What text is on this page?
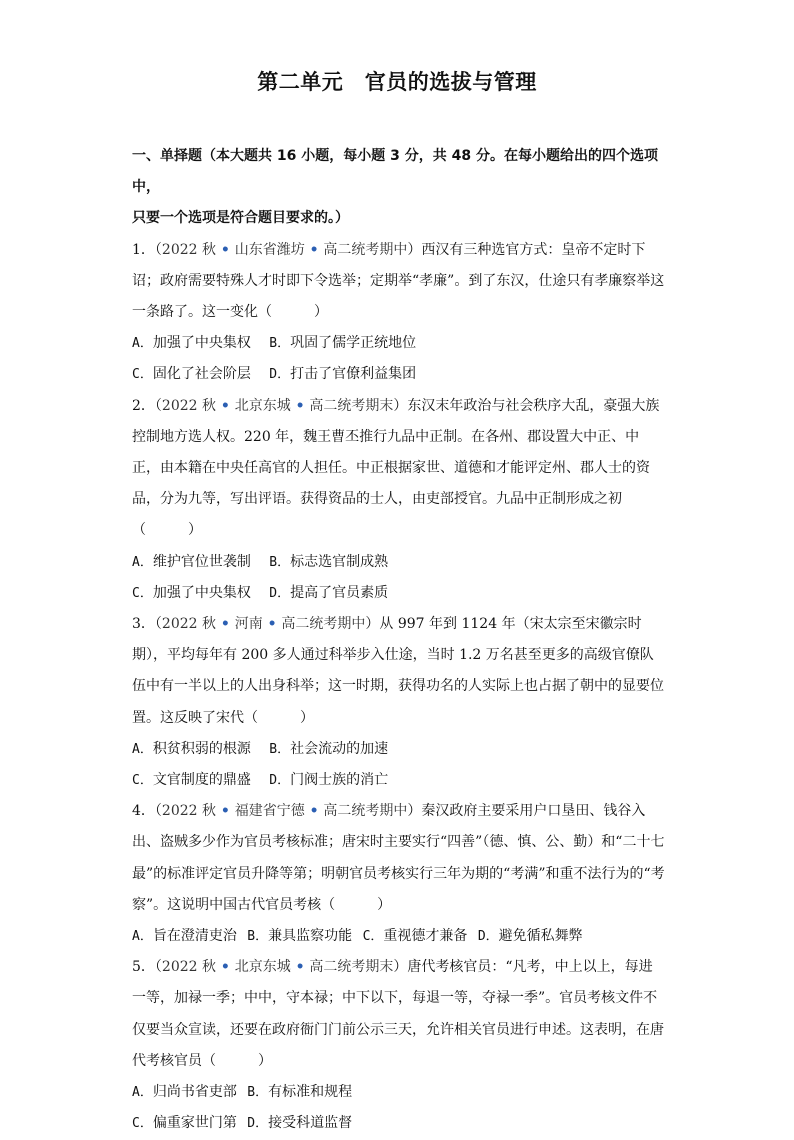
第二单元　官员的选拔与管理
一、单择题（本大题共 16 小题，每小题 3 分，共 48 分。在每小题给出的四个选项中，
只要一个选项是符合题目要求的。）

1．（2022 秋 • 山东省潍坊 • 高二统考期中）西汉有三种选官方式：皇帝不定时下诏；政府需要特殊人才时即下令选举；定期举“孝廉”。到了东汉，仕途只有孝廉察举这一条路了。这一变化（　　　）

A．加强了中央集权 B．巩固了儒学正统地位
C．固化了社会阶层 D．打击了官僚利益集团

2．（2022 秋 • 北京东城 • 高二统考期末）东汉末年政治与社会秩序大乱，豪强大族控制地方选人权。220 年，魏王曹丕推行九品中正制。在各州、郡设置大中正、中正，由本籍在中央任高官的人担任。中正根据家世、道德和才能评定州、郡人士的资品，分为九等，写出评语。获得资品的士人，由吏部授官。九品中正制形成之初（　　　）

A．维护官位世袭制 B．标志选官制成熟
C．加强了中央集权 D．提高了官员素质

3．（2022 秋 • 河南 • 高二统考期中）从 997 年到 1124 年（宋太宗至宋徽宗时期），平均每年有 200 多人通过科举步入仕途，当时 1.2 万名甚至更多的高级官僚队伍中有一半以上的人出身科举；这一时期，获得功名的人实际上也占据了朝中的显要位置。这反映了宋代（　　　）

A．积贫积弱的根源 B．社会流动的加速
C．文官制度的鼎盛 D．门阀士族的消亡

4．（2022 秋 • 福建省宁德 • 高二统考期中）秦汉政府主要采用户口垦田、钱谷入出、盗贼多少作为官员考核标准；唐宋时主要实行“四善”（德、慎、公、勤）和“二十七最”的标准评定官员升降等第；明朝官员考核实行三年为期的“考满”和重不法行为的“考察”。这说明中国古代官员考核（　　　）

A．旨在澄清吏治 B．兼具监察功能 C．重视德才兼备 D．避免循私舞弊

5．（2022 秋 • 北京东城 • 高二统考期末）唐代考核官员：“凡考，中上以上，每进一等，加禄一季；中中，守本禄；中下以下，每退一等，夺禄一季”。官员考核文件不仅要当众宣读，还要在政府衙门门前公示三天，允许相关官员进行申述。这表明，在唐代考核官员（　　　）

A．归尚书省吏部 B．有标准和规程
C．偏重家世门第 D．接受科道监督
